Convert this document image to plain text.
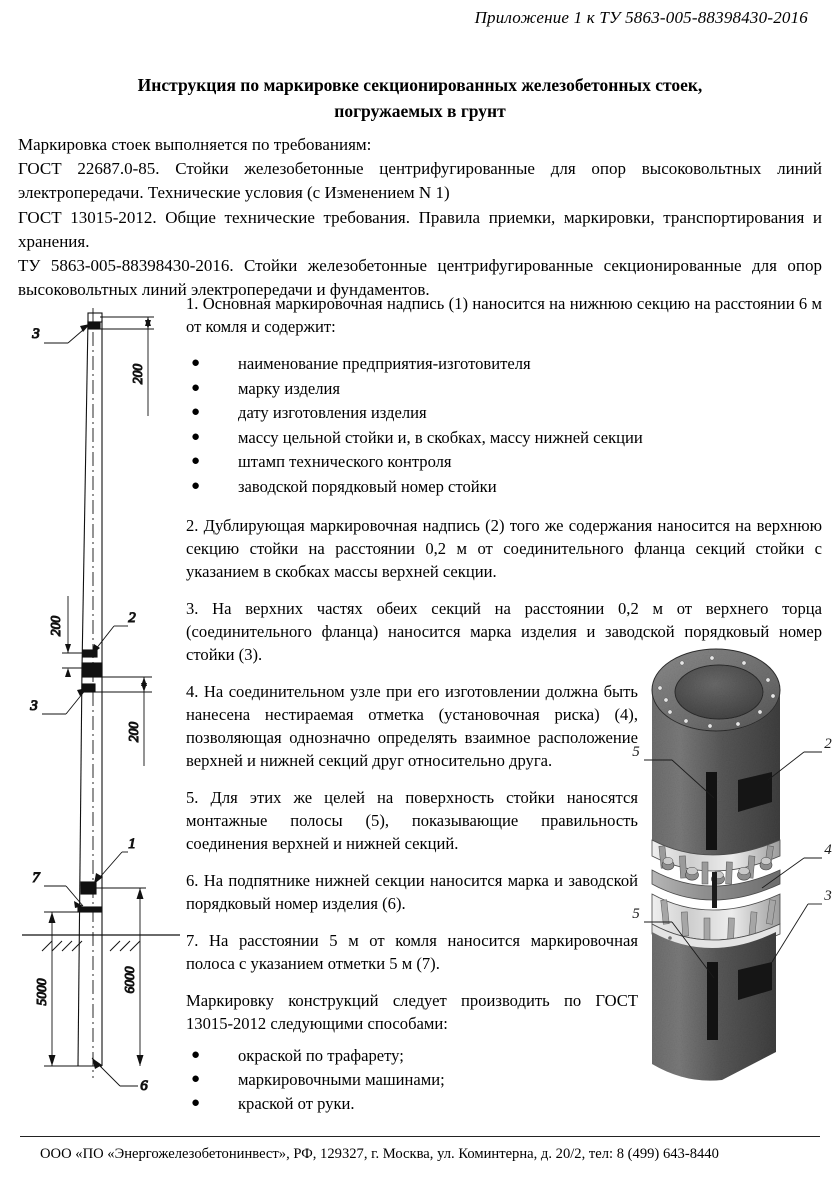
Приложение 1 к ТУ 5863-005-88398430-2016
Инструкция по маркировке секционированных железобетонных стоек,
погружаемых в грунт

Маркировка стоек выполняется по требованиям:

ГОСТ 22687.0-85. Стойки железобетонные центрифугированные для опор высоковольтных линий электропередачи. Технические условия (с Изменением N 1)

ГОСТ 13015-2012. Общие технические требования. Правила приемки, маркировки, транспортирования и хранения.

ТУ 5863-005-88398430-2016. Стойки железобетонные центрифугированные секционированные для опор высоковольтных линий электропередачи и фундаментов.

1. Основная маркировочная надпись (1) наносится на нижнюю секцию на расстоянии 6 м от комля и содержит:

● наименование предприятия-изготовителя
● марку изделия
● дату изготовления изделия
● массу цельной стойки и, в скобках, массу нижней секции
● штамп технического контроля
● заводской порядковый номер стойки

2. Дублирующая маркировочная надпись (2) того же содержания наносится на верхнюю секцию стойки на расстоянии 0,2 м от соединительного фланца секций стойки с указанием в скобках массы верхней секции.

3. На верхних частях обеих секций на расстоянии 0,2 м от верхнего торца (соединительного фланца) наносится марка изделия и заводской порядковый номер стойки (3).

4. На соединительном узле при его изготовлении должна быть нанесена нестираемая отметка (установочная риска) (4), позволяющая однозначно определять взаимное расположение верхней и нижней секций друг относительно друга.

5. Для этих же целей на поверхность стойки наносятся монтажные полосы (5), показывающие правильность соединения верхней и нижней секций.

6. На подпятнике нижней секции наносится марка и заводской порядковый номер изделия (6).

7. На расстоянии 5 м от комля наносится маркировочная полоса с указанием отметки 5 м (7).

Маркировку конструкций следует производить по ГОСТ 13015-2012 следующими способами:

● окраской по трафарету;
● маркировочными машинами;
● краской от руки.
200
200
200
6000
5000
3
2
3
1
7
6
5	2
4
3
5
ООО «ПО «Энергожелезобетонинвест», РФ, 129327, г. Москва, ул. Коминтерна, д. 20/2, тел: 8 (499) 643-8440
